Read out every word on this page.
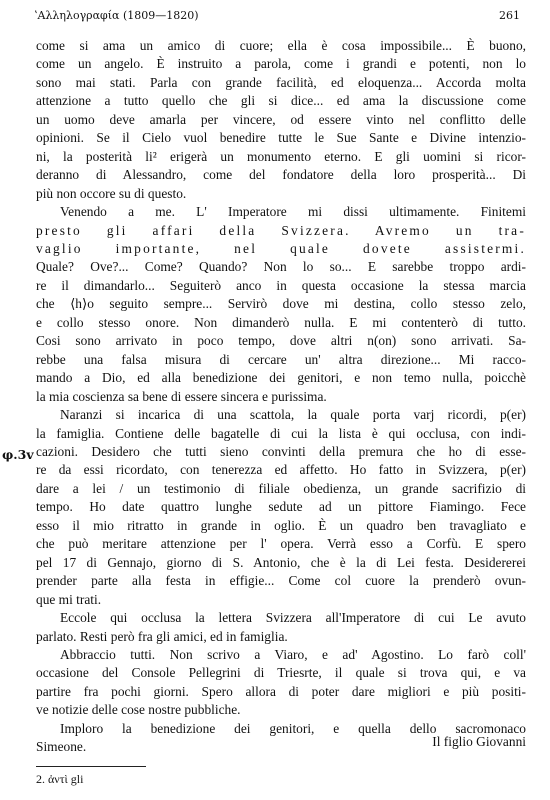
ʽΑλληλογραφία (1809—1820)	261
φ.3v

come si ama un amico di cuore; ella è cosa impossibile... È buono,
come un angelo. È instruito a parola, come i grandi e potenti, non lo
sono mai stati. Parla con grande facilità, ed eloquenza... Accorda molta
attenzione a tutto quello che gli si dice... ed ama la discussione come
un uomo deve amarla per vincere, od essere vinto nel conflitto delle
opinioni. Se il Cielo vuol benedire tutte le Sue Sante e Divine intenzio-
ni, la posterità li² erigerà un monumento eterno. E gli uomini si ricor-
deranno di Alessandro, come del fondatore della loro prosperità... Di
più non occore su di questo.

Venendo a me. L' Imperatore mi dissi ultimamente. Finitemi
presto gli affari della Svizzera. Avremo un tra-
vaglio importante, nel quale dovete assistermi.
Quale? Ove?... Come? Quando? Non lo so... E sarebbe troppo ardi-
re il dimandarlo... Seguiterò anco in questa occasione la stessa marcia
che ⟨h⟩o seguito sempre... Servirò dove mi destina, collo stesso zelo,
e collo stesso onore. Non dimanderò nulla. E mi contenterò di tutto.
Cosi sono arrivato in poco tempo, dove altri n(on) sono arrivati. Sa-
rebbe una falsa misura di cercare un' altra direzione... Mi racco-
mando a Dio, ed alla benedizione dei genitori, e non temo nulla, poicchè
la mia coscienza sa bene di essere sincera e purissima.

Naranzi si incarica di una scattola, la quale porta varj ricordi, p(er)
la famiglia. Contiene delle bagatelle di cui la lista è qui occlusa, con indi-
cazioni. Desidero che tutti sieno convinti della premura che ho di esse-
re da essi ricordato, con tenerezza ed affetto. Ho fatto in Svizzera, p(er)
dare a lei / un testimonio di filiale obedienza, un grande sacrifizio di
tempo. Ho date quattro lunghe sedute ad un pittore Fiamingo. Fece
esso il mio ritratto in grande in oglio. È un quadro ben travagliato e
che può meritare attenzione per l' opera. Verrà esso a Corfù. E spero
pel 17 di Gennajo, giorno di S. Antonio, che è la di Lei festa. Desidererei
prender parte alla festa in effigie... Come col cuore la prenderò ovun-
que mi trati.

Eccole qui occlusa la lettera Svizzera all'Imperatore di cui Le avuto
parlato. Resti però fra gli amici, ed in famiglia.

Abbraccio tutti. Non scrivo a Viaro, e ad' Agostino. Lo farò coll'
occasione del Console Pellegrini di Triesrte, il quale si trova qui, e va
partire fra pochi giorni. Spero allora di poter dare migliori e più positi-
ve notizie delle cose nostre pubbliche.

Imploro la benedizione dei genitori, e quella dello sacromonaco
Simeone.	Il figlio Giovanni
2. ἀντὶ gli
